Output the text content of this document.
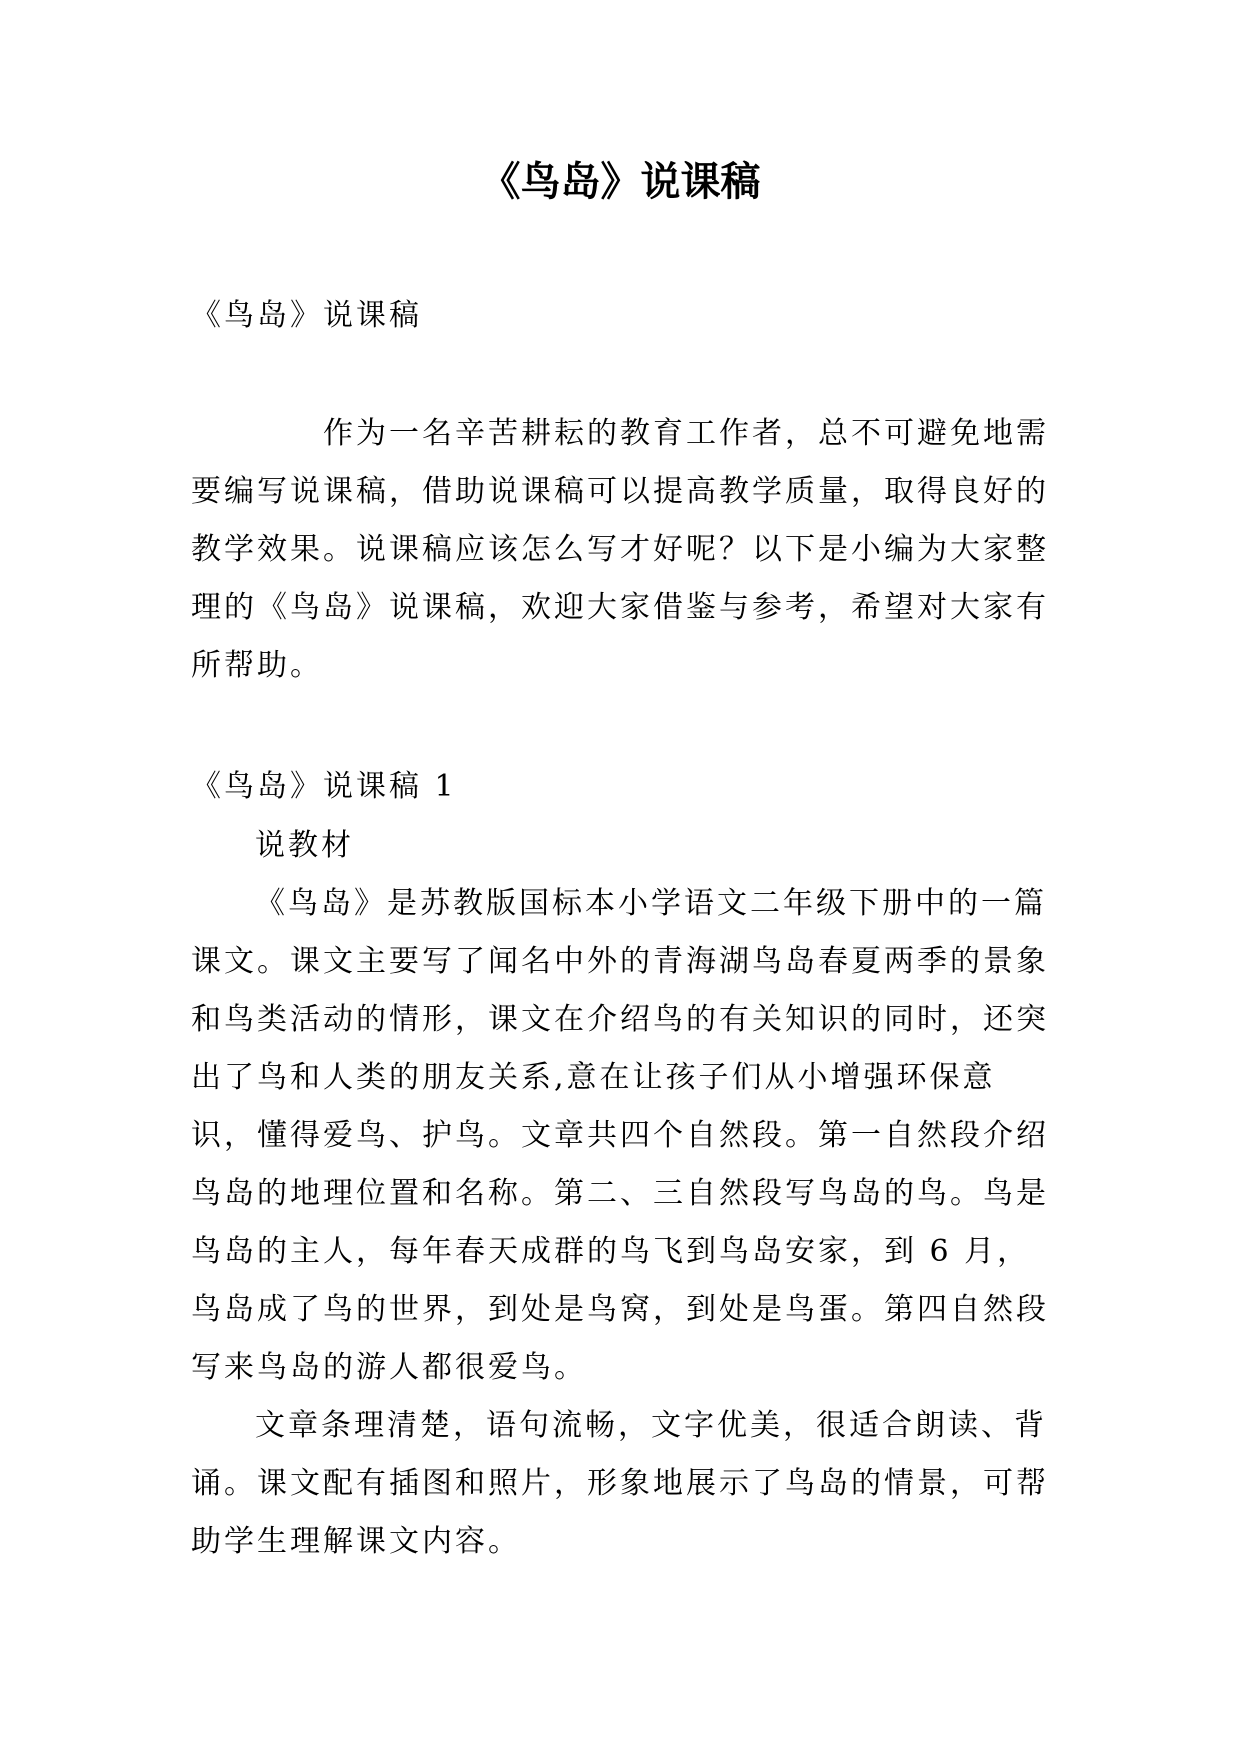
《鸟岛》说课稿
《鸟岛》说课稿

作为一名辛苦耕耘的教育工作者，总不可避免地需要编写说课稿，借助说课稿可以提高教学质量，取得良好的教学效果。说课稿应该怎么写才好呢？以下是小编为大家整理的《鸟岛》说课稿，欢迎大家借鉴与参考，希望对大家有所帮助。

《鸟岛》说课稿 1

说教材

《鸟岛》是苏教版国标本小学语文二年级下册中的一篇课文。课文主要写了闻名中外的青海湖鸟岛春夏两季的景象和鸟类活动的情形，课文在介绍鸟的有关知识的同时，还突出了鸟和人类的朋友关系,意在让孩子们从小增强环保意识，懂得爱鸟、护鸟。文章共四个自然段。第一自然段介绍鸟岛的地理位置和名称。第二、三自然段写鸟岛的鸟。鸟是鸟岛的主人，每年春天成群的鸟飞到鸟岛安家，到 6 月，鸟岛成了鸟的世界，到处是鸟窝，到处是鸟蛋。第四自然段写来鸟岛的游人都很爱鸟。

文章条理清楚，语句流畅，文字优美，很适合朗读、背诵。课文配有插图和照片，形象地展示了鸟岛的情景，可帮助学生理解课文内容。
